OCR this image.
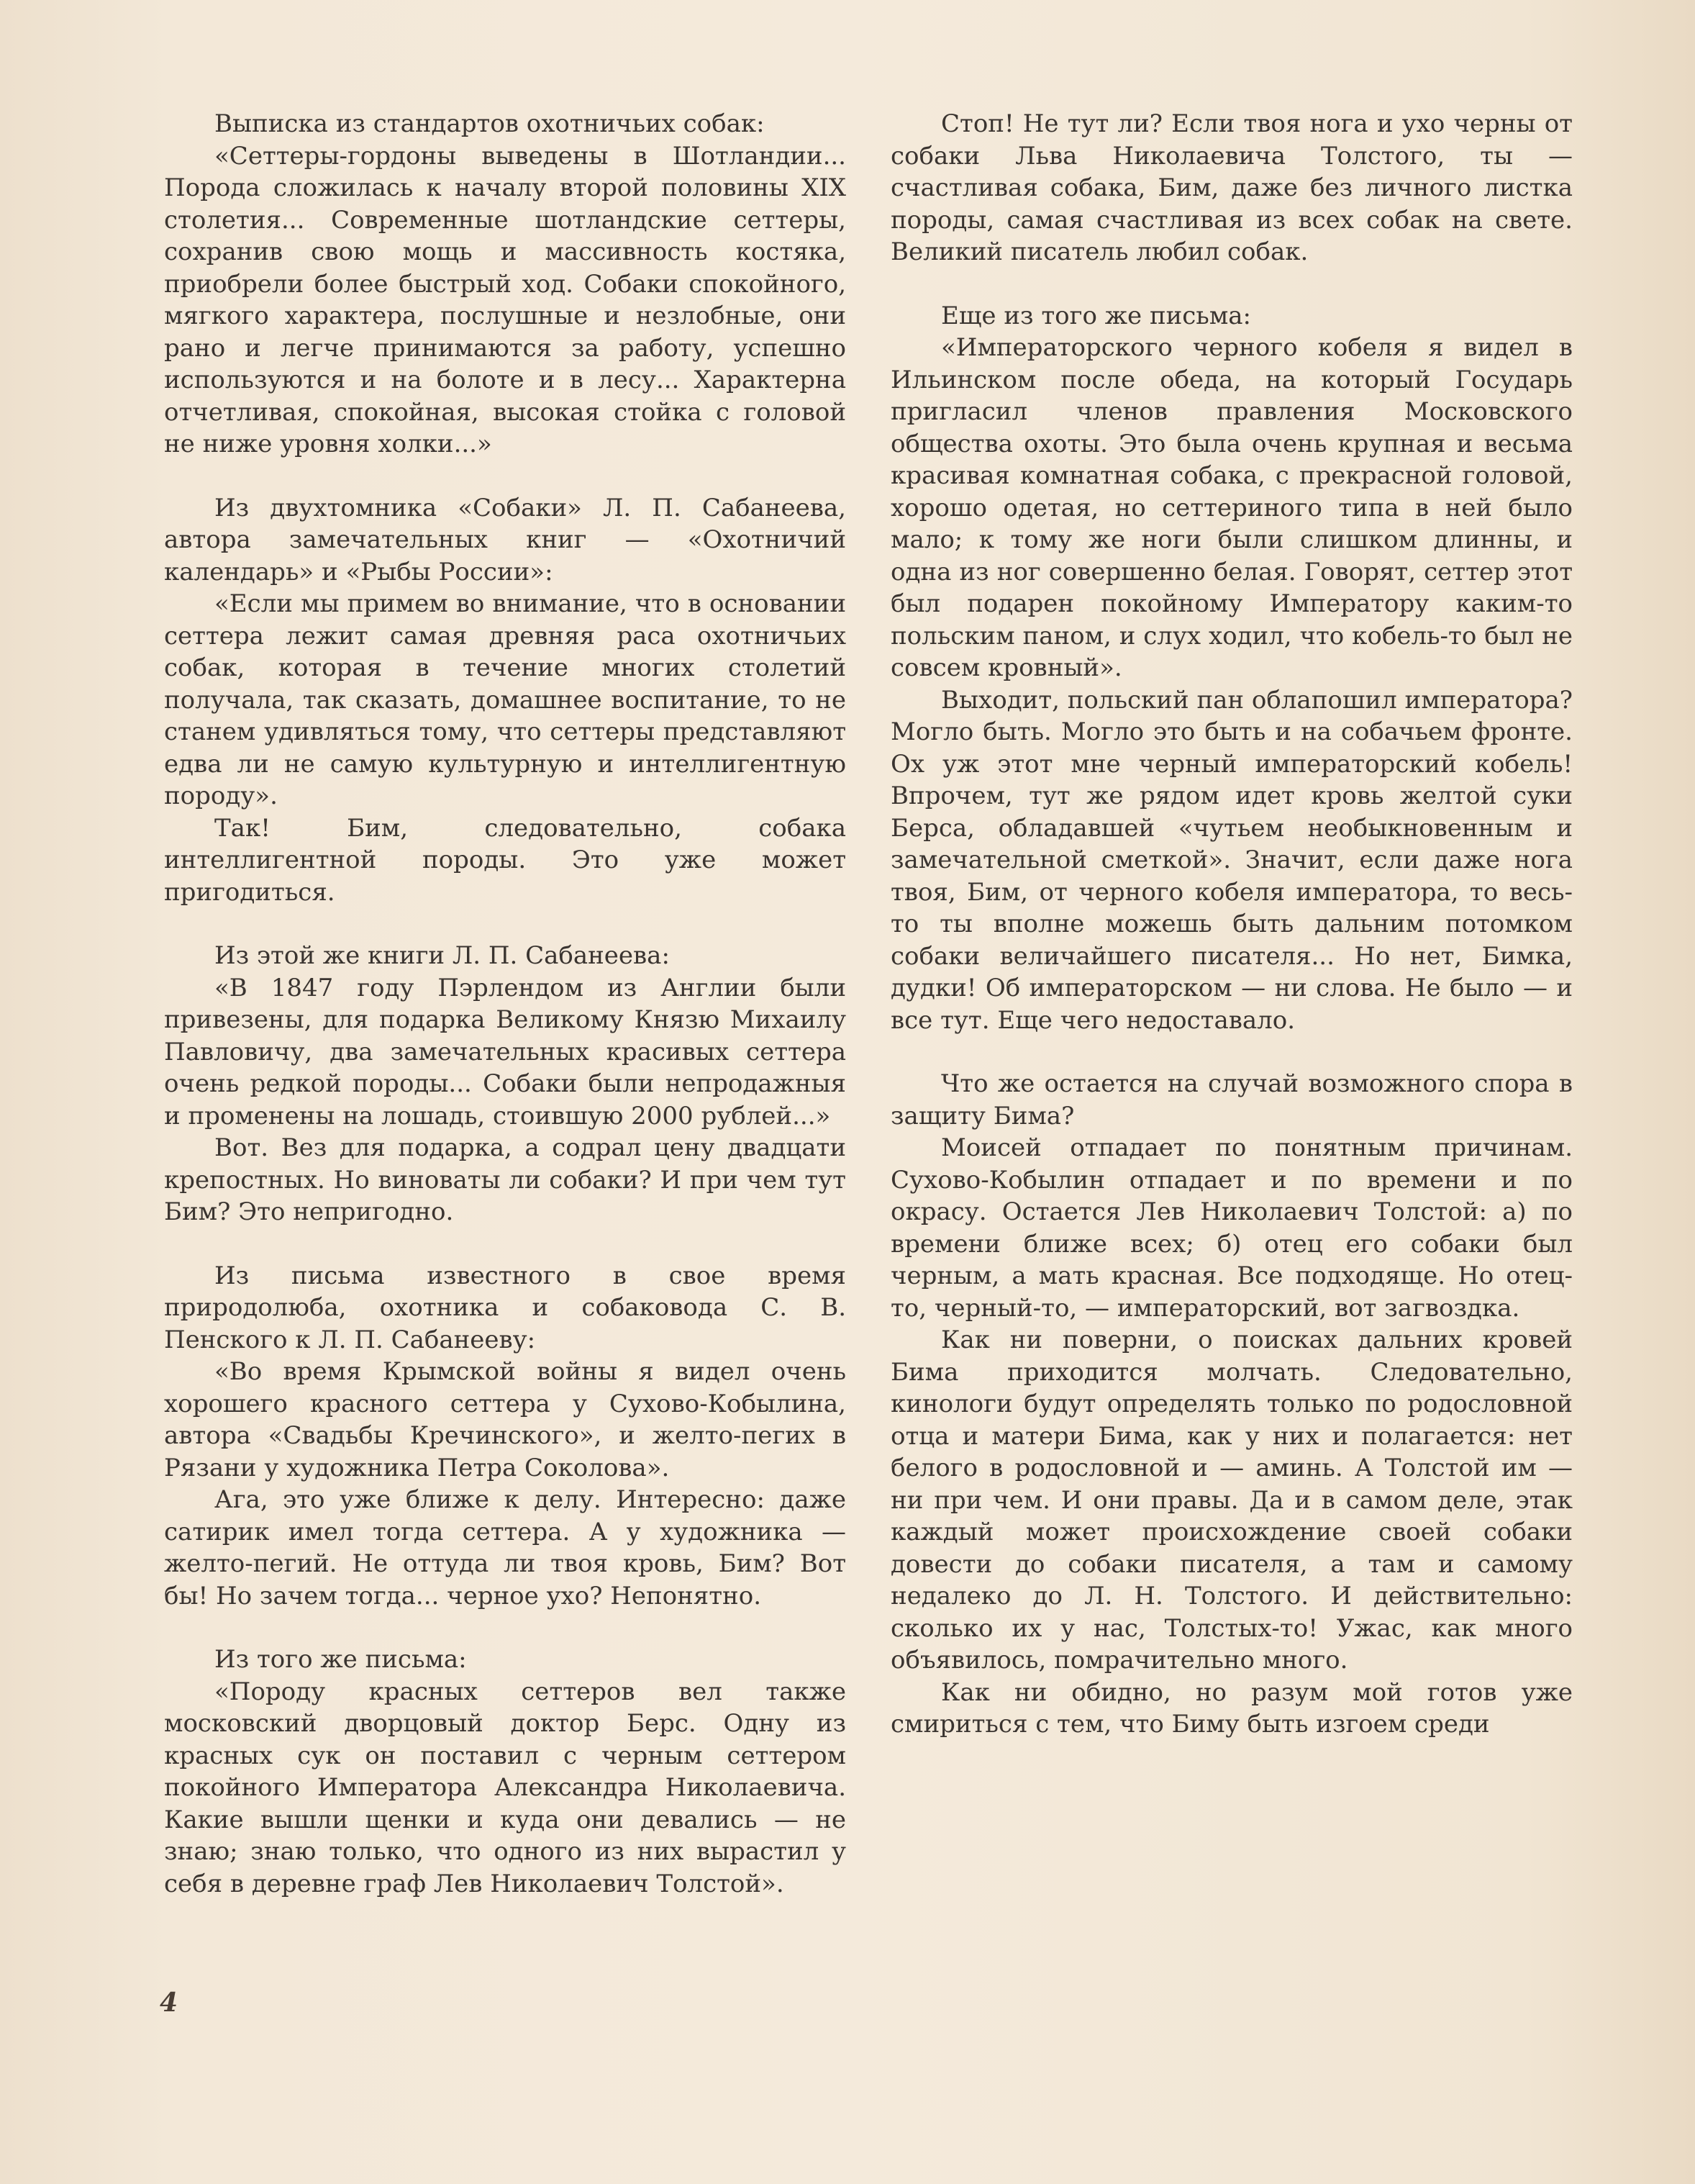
Выписка из стандартов охотничьих собак:

«Сеттеры-гордоны выведены в Шотландии... Порода сложилась к началу второй половины XIX столетия... Современные шотландские сеттеры, сохранив свою мощь и массивность костяка, приобрели более быстрый ход. Собаки спокойного, мягкого характера, послушные и незлобные, они рано и легче принимаются за работу, успешно используются и на болоте и в лесу... Характерна отчетливая, спокойная, высокая стойка с головой не ниже уровня холки...»

Из двухтомника «Собаки» Л. П. Сабанеева, автора замечательных книг — «Охотничий календарь» и «Рыбы России»:

«Если мы примем во внимание, что в основании сеттера лежит самая древняя раса охотничьих собак, которая в течение многих столетий получала, так сказать, домашнее воспитание, то не станем удивляться тому, что сеттеры представляют едва ли не самую культурную и интеллигентную породу».

Так! Бим, следовательно, собака интеллигентной породы. Это уже может пригодиться.

Из этой же книги Л. П. Сабанеева:

«В 1847 году Пэрлендом из Англии были привезены, для подарка Великому Князю Михаилу Павловичу, два замечательных красивых сеттера очень редкой породы... Собаки были непродажныя и променены на лошадь, стоившую 2000 рублей...»

Вот. Вез для подарка, а содрал цену двадцати крепостных. Но виноваты ли собаки? И при чем тут Бим? Это непригодно.

Из письма известного в свое время природолюба, охотника и собаковода С. В. Пенского к Л. П. Сабанееву:

«Во время Крымской войны я видел очень хорошего красного сеттера у Сухово-Кобылина, автора «Свадьбы Кречинского», и желто-пегих в Рязани у художника Петра Соколова».

Ага, это уже ближе к делу. Интересно: даже сатирик имел тогда сеттера. А у художника — желто-пегий. Не оттуда ли твоя кровь, Бим? Вот бы! Но зачем тогда... черное ухо? Непонятно.

Из того же письма:

«Породу красных сеттеров вел также московский дворцовый доктор Берс. Одну из красных сук он поставил с черным сеттером покойного Императора Александра Николаевича. Какие вышли щенки и куда они девались — не знаю; знаю только, что одного из них вырастил у себя в деревне граф Лев Николаевич Толстой».

Стоп! Не тут ли? Если твоя нога и ухо черны от собаки Льва Николаевича Толстого, ты — счастливая собака, Бим, даже без личного листка породы, самая счастливая из всех собак на свете. Великий писатель любил собак.

Еще из того же письма:

«Императорского черного кобеля я видел в Ильинском после обеда, на который Государь пригласил членов правления Московского общества охоты. Это была очень крупная и весьма красивая комнатная собака, с прекрасной головой, хорошо одетая, но сеттериного типа в ней было мало; к тому же ноги были слишком длинны, и одна из ног совершенно белая. Говорят, сеттер этот был подарен покойному Императору каким-то польским паном, и слух ходил, что кобель-то был не совсем кровный».

Выходит, польский пан облапошил императора? Могло быть. Могло это быть и на собачьем фронте. Ох уж этот мне черный императорский кобель! Впрочем, тут же рядом идет кровь желтой суки Берса, обладавшей «чутьем необыкновенным и замечательной сметкой». Значит, если даже нога твоя, Бим, от черного кобеля императора, то весь-то ты вполне можешь быть дальним потомком собаки величайшего писателя... Но нет, Бимка, дудки! Об императорском — ни слова. Не было — и все тут. Еще чего недоставало.

Что же остается на случай возможного спора в защиту Бима?

Моисей отпадает по понятным причинам. Сухово-Кобылин отпадает и по времени и по окрасу. Остается Лев Николаевич Толстой: а) по времени ближе всех; б) отец его собаки был черным, а мать красная. Все подходяще. Но отец-то, черный-то, — императорский, вот загвоздка.

Как ни поверни, о поисках дальних кровей Бима приходится молчать. Следовательно, кинологи будут определять только по родословной отца и матери Бима, как у них и полагается: нет белого в родословной и — аминь. А Толстой им — ни при чем. И они правы. Да и в самом деле, этак каждый может происхождение своей собаки довести до собаки писателя, а там и самому недалеко до Л. Н. Толстого. И действительно: сколько их у нас, Толстых-то! Ужас, как много объявилось, помрачительно много.

Как ни обидно, но разум мой готов уже смириться с тем, что Биму быть изгоем среди

4
